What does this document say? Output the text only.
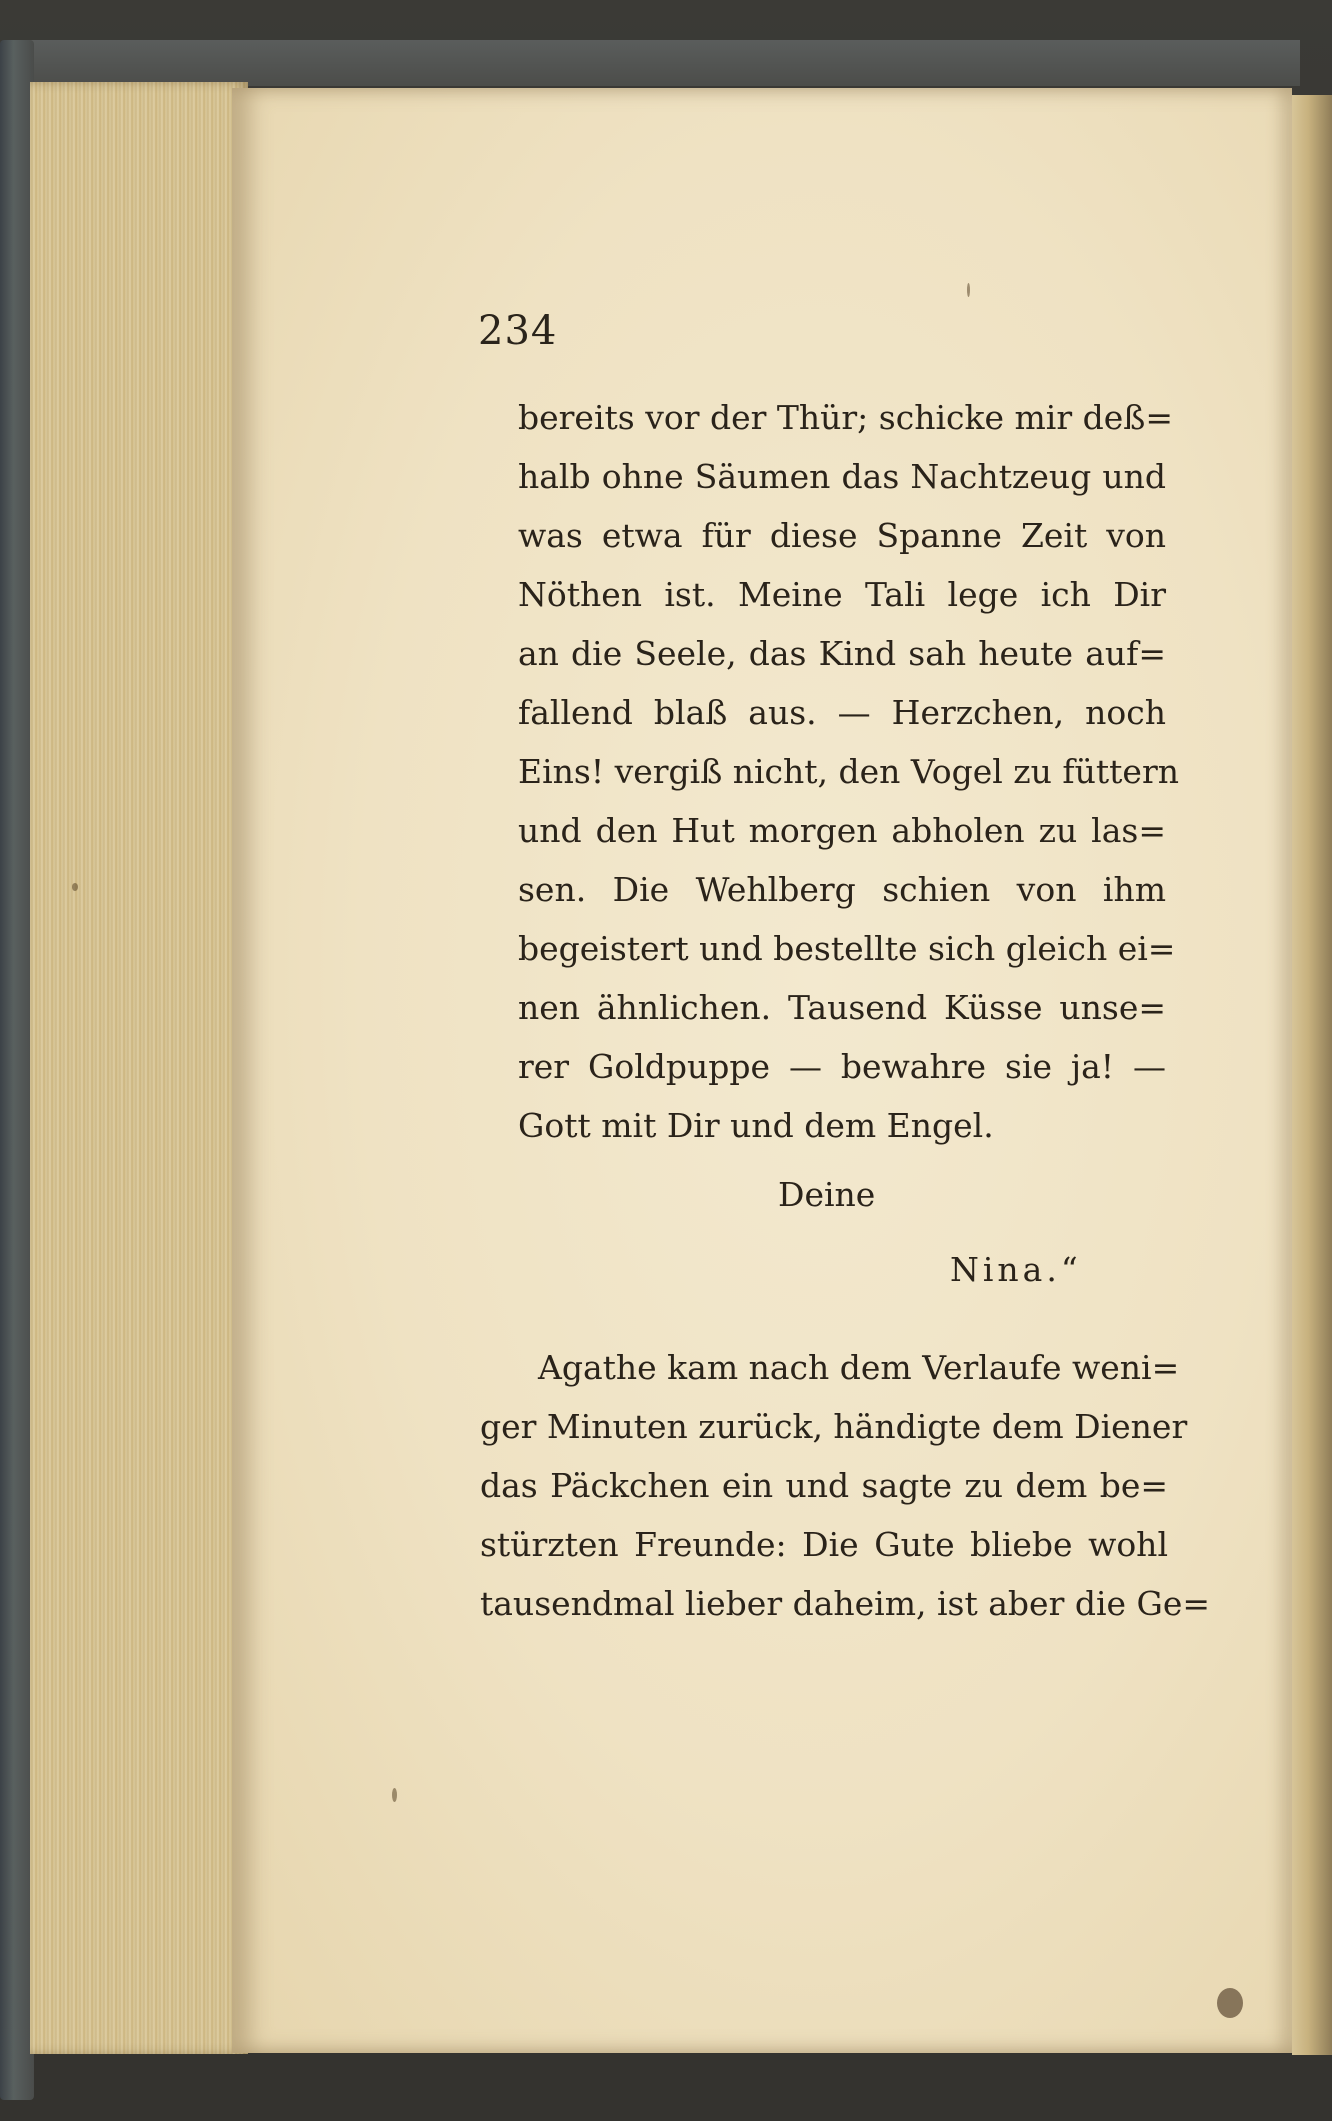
234
bereits vor der Thür; schicke mir deß=
halb ohne Säumen das Nachtzeug und
was etwa für diese Spanne Zeit von
Nöthen ist. Meine Tali lege ich Dir
an die Seele, das Kind sah heute auf=
fallend blaß aus. — Herzchen, noch
Eins! vergiß nicht, den Vogel zu füttern
und den Hut morgen abholen zu las=
sen. Die Wehlberg schien von ihm
begeistert und bestellte sich gleich ei=
nen ähnlichen. Tausend Küsse unse=
rer Goldpuppe — bewahre sie ja! —
Gott mit Dir und dem Engel.
Deine
Nina.“
Agathe kam nach dem Verlaufe weni=
ger Minuten zurück, händigte dem Diener
das Päckchen ein und sagte zu dem be=
stürzten Freunde: Die Gute bliebe wohl
tausendmal lieber daheim, ist aber die Ge=
